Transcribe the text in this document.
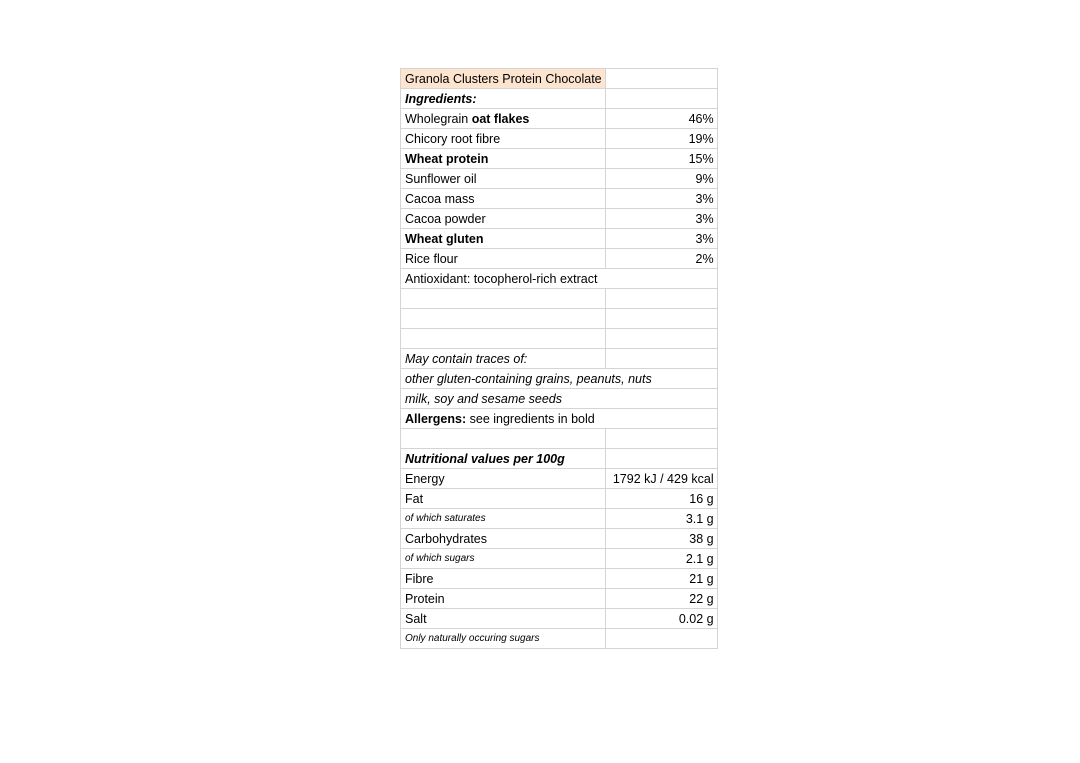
Granola Clusters Protein Chocolate	
Ingredients:	
Wholegrain oat flakes	46%
Chicory root fibre	19%
Wheat protein	15%
Sunflower oil	9%
Cacoa mass	3%
Cacoa powder	3%
Wheat gluten	3%
Rice flour	2%
Antioxidant: tocopherol-rich extract	

May contain traces of:	
other gluten-containing grains, peanuts, nuts	
milk, soy and sesame seeds	
Allergens: see ingredients in bold	

Nutritional values per 100g	
Energy	1792 kJ / 429 kcal
Fat	16 g
of which saturates	3.1 g
Carbohydrates	38 g
of which sugars	2.1 g
Fibre	21 g
Protein	22 g
Salt	0.02 g
Only naturally occuring sugars	
